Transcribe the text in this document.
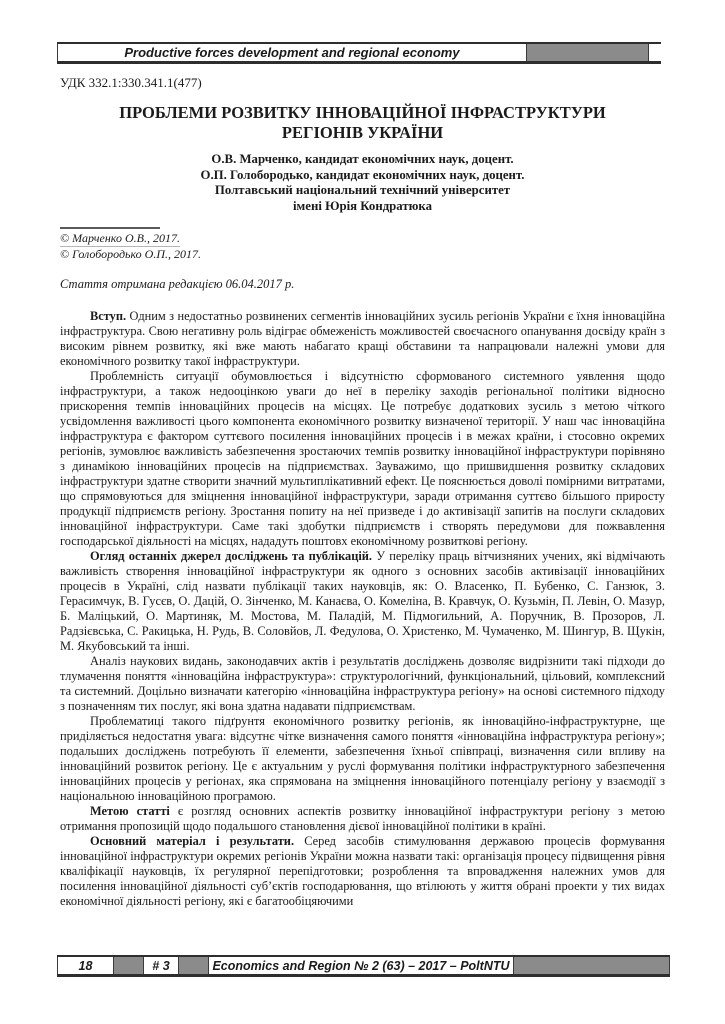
Productive forces development and regional economy
УДК 332.1:330.341.1(477)
ПРОБЛЕМИ РОЗВИТКУ ІННОВАЦІЙНОЇ ІНФРАСТРУКТУРИ
РЕГІОНІВ УКРАЇНИ
О.В. Марченко, кандидат економічних наук, доцент.
О.П. Голобородько, кандидат економічних наук, доцент.
Полтавський національний технічний університет
імені Юрія Кондратюка
© Марченко О.В., 2017.
© Голобородько О.П., 2017.
Стаття отримана редакцією 06.04.2017 р.

Вступ. Одним з недостатньо розвинених сегментів інноваційних зусиль регіонів України є їхня інноваційна інфраструктура. Свою негативну роль відіграє обмеженість можливостей своєчасного опанування досвіду країн з високим рівнем розвитку, які вже мають набагато кращі обставини та напрацювали належні умови для економічного розвитку такої інфраструктури.

Проблемність ситуації обумовлюється і відсутністю сформованого системного уявлення щодо інфраструктури, а також недооцінкою уваги до неї в переліку заходів регіональної політики відносно прискорення темпів інноваційних процесів на місцях. Це потребує додаткових зусиль з метою чіткого усвідомлення важливості цього компонента економічного розвитку визначеної території. У наш час інноваційна інфраструктура є фактором суттєвого посилення інноваційних процесів і в межах країни, і стосовно окремих регіонів, зумовлює важливість забезпечення зростаючих темпів розвитку інноваційної інфраструктури порівняно з динамікою інноваційних процесів на підприємствах. Зауважимо, що пришвидшення розвитку складових інфраструктури здатне створити значний мультиплікативний ефект. Це пояснюється доволі помірними витратами, що спрямовуються для зміцнення інноваційної інфраструктури, заради отримання суттєво більшого приросту продукції підприємств регіону. Зростання попиту на неї призведе і до активізації запитів на послуги складових інноваційної інфраструктури. Саме такі здобутки підприємств і створять передумови для пожвавлення господарської діяльності на місцях, нададуть поштовх економічному розвиткові регіону.

Огляд останніх джерел досліджень та публікацій. У переліку праць вітчизняних учених, які відмічають важливість створення інноваційної інфраструктури як одного з основних засобів активізації інноваційних процесів в Україні, слід назвати публікації таких науковців, як: О. Власенко, П. Бубенко, С. Ганзюк, З. Герасимчук, В. Гусєв, О. Дацій, О. Зінченко, М. Канаєва, О. Комеліна, В. Кравчук, О. Кузьмін, П. Левін, О. Мазур, Б. Маліцький, О. Мартиняк, М. Мостова, М. Паладій, М. Підмогильний, А. Поручник, В. Прозоров, Л. Радзієвська, С. Ракицька, Н. Рудь, В. Соловйов, Л. Федулова, О. Христенко, М. Чумаченко, М. Шингур, В. Щукін, М. Якубовський та інші.

Аналіз наукових видань, законодавчих актів і результатів досліджень дозволяє видрізнити такі підходи до тлумачення поняття «інноваційна інфраструктура»: структурологічний, функціональний, цільовий, комплексний та системний. Доцільно визначати категорію «інноваційна інфраструктура регіону» на основі системного підходу з позначенням тих послуг, які вона здатна надавати підприємствам.

Проблематиці такого підґрунтя економічного розвитку регіонів, як інноваційно-інфраструктурне, ще приділяється недостатня увага: відсутнє чітке визначення самого поняття «інноваційна інфраструктура регіону»; подальших досліджень потребують її елементи, забезпечення їхньої співпраці, визначення сили впливу на інноваційний розвиток регіону. Це є актуальним у руслі формування політики інфраструктурного забезпечення інноваційних процесів у регіонах, яка спрямована на зміцнення інноваційного потенціалу регіону у взаємодії з національною інноваційною програмою.

Метою статті є розгляд основних аспектів розвитку інноваційної інфраструктури регіону з метою отримання пропозицій щодо подальшого становлення дієвої інноваційної політики в країні.

Основний матеріал і результати. Серед засобів стимулювання державою процесів формування інноваційної інфраструктури окремих регіонів України можна назвати такі: організація процесу підвищення рівня кваліфікації науковців, їх регулярної перепідготовки; розроблення та впровадження належних умов для посилення інноваційної діяльності суб’єктів господарювання, що втілюють у життя обрані проекти у тих видах економічної діяльності регіону, які є багатообіцяючими

18	# 3	Economics and Region № 2 (63) – 2017 – PoltNTU
